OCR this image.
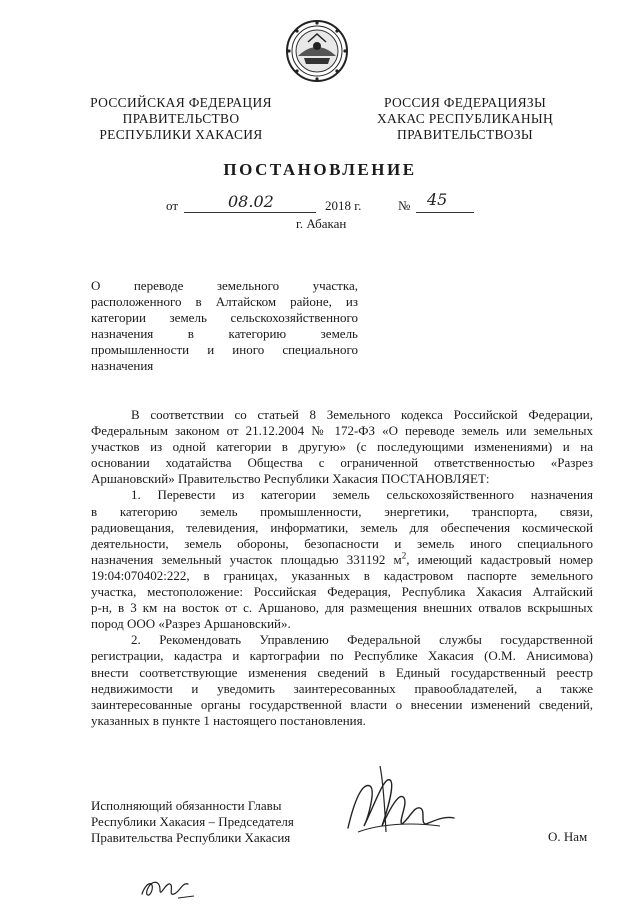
РОССИЙСКАЯ ФЕДЕРАЦИЯ
ПРАВИТЕЛЬСТВО
РЕСПУБЛИКИ ХАКАСИЯ
РОССИЯ ФЕДЕРАЦИЯЗЫ
ХАКАС РЕСПУБЛИКАНЫҢ
ПРАВИТЕЛЬСТВОЗЫ
ПОСТАНОВЛЕНИЕ
от	08.02	2018 г.	№ 45
г. Абакан

О переводе земельного участка,

расположенного в Алтайском районе, из

категории земель сельскохозяйственного

назначения в категорию земель

промышленности и иного специального

назначения

В соответствии со статьей 8 Земельного кодекса Российской Федерации,

Федеральным законом от 21.12.2004 № 172-ФЗ «О переводе земель или земельных

участков из одной категории в другую» (с последующими изменениями) и на

основании ходатайства Общества с ограниченной ответственностью «Разрез

Аршановский» Правительство Республики Хакасия ПОСТАНОВЛЯЕТ:

1. Перевести из категории земель сельскохозяйственного назначения

в категорию земель промышленности, энергетики, транспорта, связи,

радиовещания, телевидения, информатики, земель для обеспечения космической

деятельности, земель обороны, безопасности и земель иного специального

назначения земельный участок площадью 331192 $м^2$, имеющий кадастровый номер

19:04:070402:222, в границах, указанных в кадастровом паспорте земельного

участка, местоположение: Российская Федерация, Республика Хакасия Алтайский

р-н, в 3 км на восток от с. Аршаново, для размещения внешних отвалов вскрышных

пород ООО «Разрез Аршановский».

2. Рекомендовать Управлению Федеральной службы государственной

регистрации, кадастра и картографии по Республике Хакасия (О.М. Анисимова)

внести соответствующие изменения сведений в Единый государственный реестр

недвижимости и уведомить заинтересованных правообладателей, а также

заинтересованные органы государственной власти о внесении изменений сведений,

указанных в пункте 1 настоящего постановления.

Исполняющий обязанности Главы
Республики Хакасия – Председателя
Правительства Республики Хакасия	О. Нам
